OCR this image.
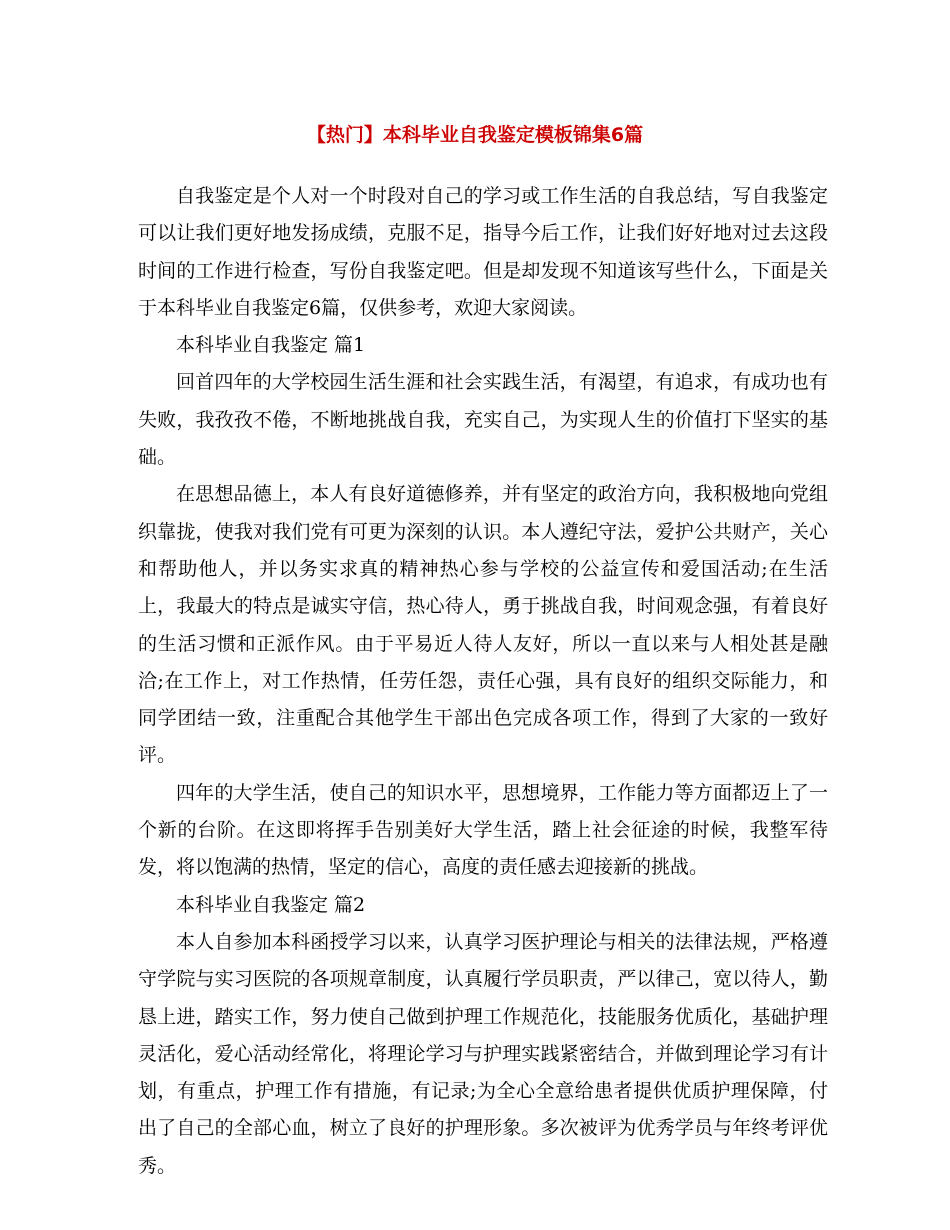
【热门】本科毕业自我鉴定模板锦集6篇

自我鉴定是个人对一个时段对自己的学习或工作生活的自我总结，写自我鉴定可以让我们更好地发扬成绩，克服不足，指导今后工作，让我们好好地对过去这段时间的工作进行检查，写份自我鉴定吧。但是却发现不知道该写些什么，下面是关于本科毕业自我鉴定6篇，仅供参考，欢迎大家阅读。

本科毕业自我鉴定 篇1

回首四年的大学校园生活生涯和社会实践生活，有渴望，有追求，有成功也有失败，我孜孜不倦，不断地挑战自我，充实自己，为实现人生的价值打下坚实的基础。

在思想品德上，本人有良好道德修养，并有坚定的政治方向，我积极地向党组织靠拢，使我对我们党有可更为深刻的认识。本人遵纪守法，爱护公共财产，关心和帮助他人，并以务实求真的精神热心参与学校的公益宣传和爱国活动;在生活上，我最大的特点是诚实守信，热心待人，勇于挑战自我，时间观念强，有着良好的生活习惯和正派作风。由于平易近人待人友好，所以一直以来与人相处甚是融洽;在工作上，对工作热情，任劳任怨，责任心强，具有良好的组织交际能力，和同学团结一致，注重配合其他学生干部出色完成各项工作，得到了大家的一致好评。

四年的大学生活，使自己的知识水平，思想境界，工作能力等方面都迈上了一个新的台阶。在这即将挥手告别美好大学生活，踏上社会征途的时候，我整军待发，将以饱满的热情，坚定的信心，高度的责任感去迎接新的挑战。

本科毕业自我鉴定 篇2

本人自参加本科函授学习以来，认真学习医护理论与相关的法律法规，严格遵守学院与实习医院的各项规章制度，认真履行学员职责，严以律己，宽以待人，勤恳上进，踏实工作，努力使自己做到护理工作规范化，技能服务优质化，基础护理灵活化，爱心活动经常化，将理论学习与护理实践紧密结合，并做到理论学习有计划，有重点，护理工作有措施，有记录;为全心全意给患者提供优质护理保障，付出了自己的全部心血，树立了良好的护理形象。多次被评为优秀学员与年终考评优秀。
